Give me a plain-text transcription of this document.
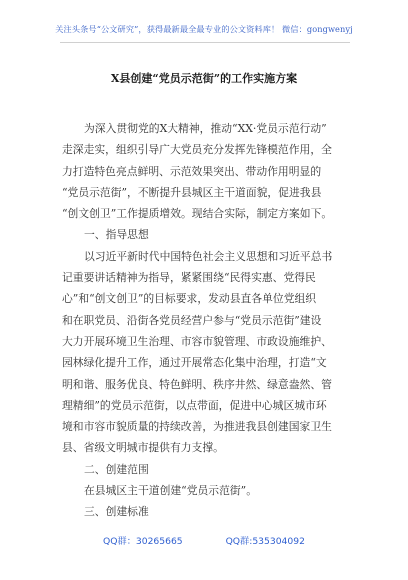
关注头条号“公文研究”，获得最新最全最专业的公文资料库！ 微信：gongwenyj
X县创建“党员示范街”的工作实施方案
为深入贯彻党的X大精神，推动“XX·党员示范行动”
走深走实，组织引导广大党员充分发挥先锋模范作用，全
力打造特色亮点鲜明、示范效果突出、带动作用明显的
“党员示范街”，不断提升县城区主干道面貌，促进我县
“创文创卫”工作提质增效。现结合实际，制定方案如下。
一、指导思想
以习近平新时代中国特色社会主义思想和习近平总书
记重要讲话精神为指导，紧紧围绕“民得实惠、党得民
心”和“创文创卫”的目标要求，发动县直各单位党组织
和在职党员、沿街各党员经营户参与“党员示范街”建设
大力开展环境卫生治理、市容市貌管理、市政设施维护、
园林绿化提升工作，通过开展常态化集中治理，打造“文
明和谐、服务优良、特色鲜明、秩序井然、绿意盎然、管
理精细”的党员示范街，以点带面，促进中心城区城市环
境和市容市貌质量的持续改善，为推进我县创建国家卫生
县、省级文明城市提供有力支撑。
二、创建范围
在县城区主干道创建“党员示范街”。
三、创建标准
QQ群：30265665	QQ群:535304092
